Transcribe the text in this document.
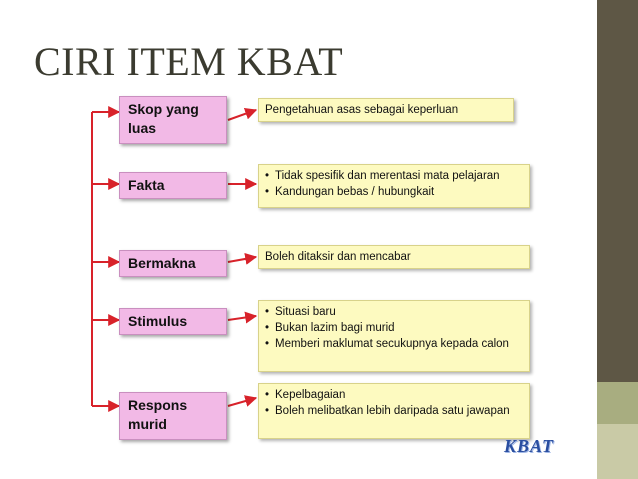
CIRI ITEM KBAT
Skop yang luas
Fakta
Bermakna
Stimulus
Respons murid
Pengetahuan asas sebagai keperluan
• Tidak spesifik dan merentasi mata pelajaran
• Kandungan bebas / hubungkait
Boleh ditaksir dan mencabar
• Situasi baru
• Bukan lazim bagi murid
• Memberi maklumat secukupnya kepada calon
• Kepelbagaian
• Boleh melibatkan lebih daripada satu jawapan
KBAT
